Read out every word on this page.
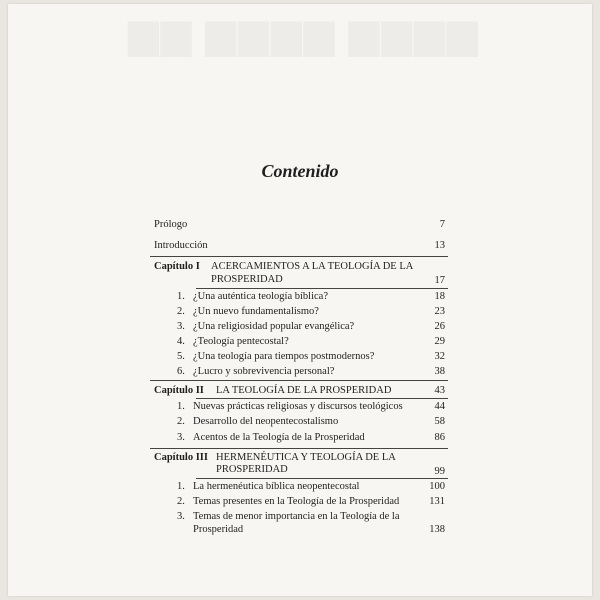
Contenido
Prólogo	7
Introducción	13
Capítulo I ACERCAMIENTOS A LA TEOLOGÍA DE LA
PROSPERIDAD	17
1. ¿Una auténtica teología bíblica?	18
2. ¿Un nuevo fundamentalismo?	23
3. ¿Una religiosidad popular evangélica?	26
4. ¿Teología pentecostal?	29
5. ¿Una teología para tiempos postmodernos?	32
6. ¿Lucro y sobrevivencia personal?	38
Capítulo II LA TEOLOGÍA DE LA PROSPERIDAD	43
1. Nuevas prácticas religiosas y discursos teológicos	44
2. Desarrollo del neopentecostalismo	58
3. Acentos de la Teología de la Prosperidad	86
Capítulo III HERMENÉUTICA Y TEOLOGÍA DE LA
PROSPERIDAD	99
1. La hermenéutica bíblica neopentecostal	100
2. Temas presentes en la Teología de la Prosperidad	131
3. Temas de menor importancia en la Teología de la
Prosperidad	138
